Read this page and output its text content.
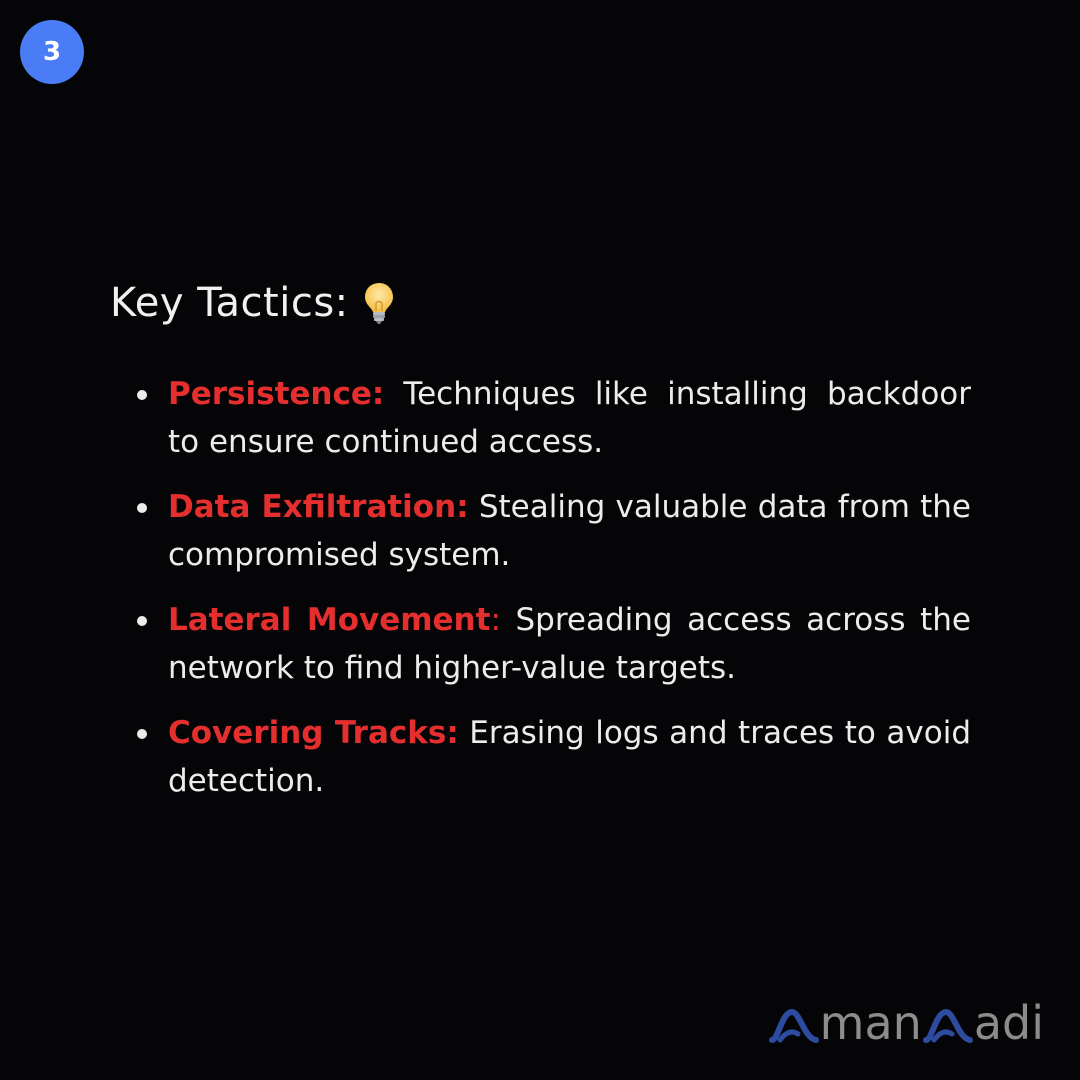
3
Key Tactics:
Persistence: Techniques like installing backdoor to ensure continued access.
Data Exfiltration: Stealing valuable data from the compromised system.
Lateral Movement: Spreading access across the network to find higher-value targets.
Covering Tracks: Erasing logs and traces to avoid detection.
man adi
